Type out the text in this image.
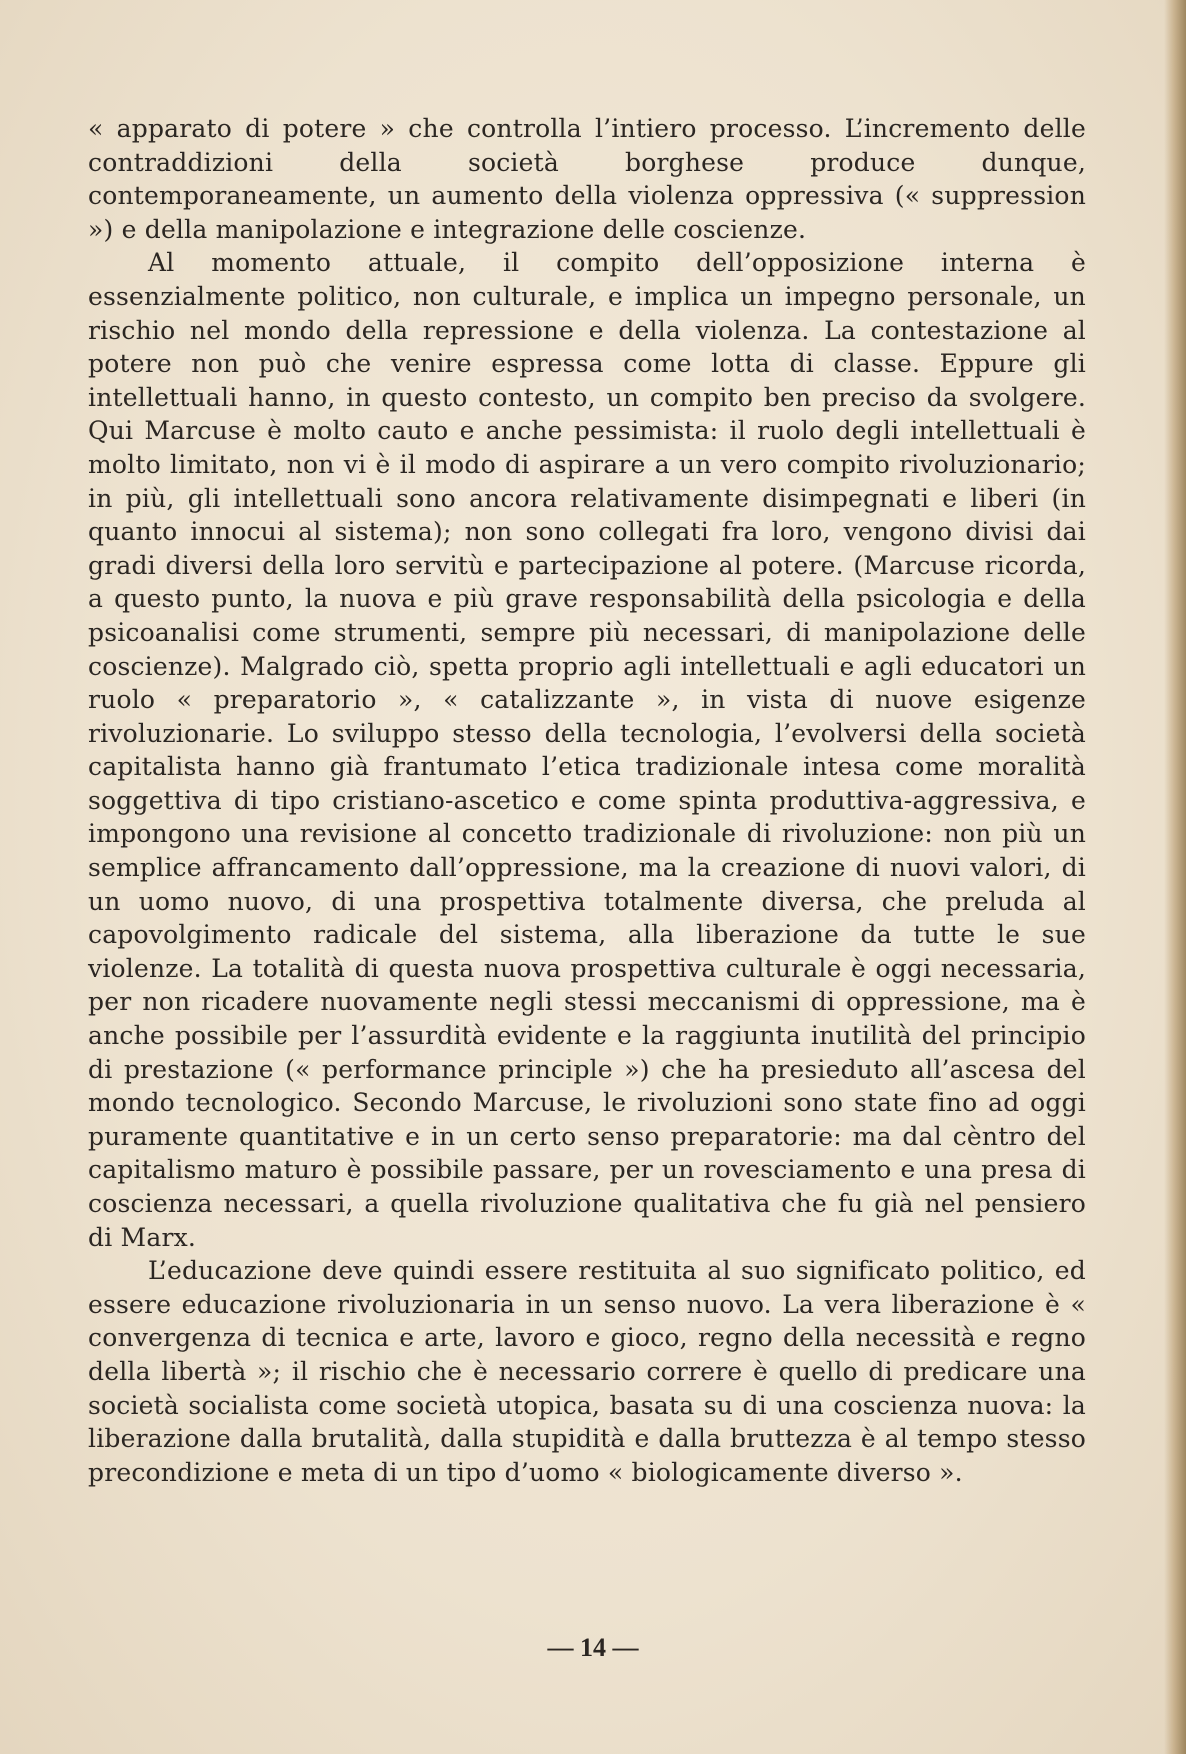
« apparato di potere » che controlla l’intiero processo. L’incremento delle contraddizioni della società borghese produce dunque, contemporaneamente, un aumento della violenza oppressiva (« suppression ») e della manipolazione e integrazione delle coscienze.

Al momento attuale, il compito dell’opposizione interna è essenzialmente politico, non culturale, e implica un impegno personale, un rischio nel mondo della repressione e della violenza. La contestazione al potere non può che venire espressa come lotta di classe. Eppure gli intellettuali hanno, in questo contesto, un compito ben preciso da svolgere. Qui Marcuse è molto cauto e anche pessimista: il ruolo degli intellettuali è molto limitato, non vi è il modo di aspirare a un vero compito rivoluzionario; in più, gli intellettuali sono ancora relativamente disimpegnati e liberi (in quanto innocui al sistema); non sono collegati fra loro, vengono divisi dai gradi diversi della loro servitù e partecipazione al potere. (Marcuse ricorda, a questo punto, la nuova e più grave responsabilità della psicologia e della psicoanalisi come strumenti, sempre più necessari, di manipolazione delle coscienze). Malgrado ciò, spetta proprio agli intellettuali e agli educatori un ruolo « preparatorio », « catalizzante », in vista di nuove esigenze rivoluzionarie. Lo sviluppo stesso della tecnologia, l’evolversi della società capitalista hanno già frantumato l’etica tradizionale intesa come moralità soggettiva di tipo cristiano-ascetico e come spinta produttiva-aggressiva, e impongono una revisione al concetto tradizionale di rivoluzione: non più un semplice affrancamento dall’oppressione, ma la creazione di nuovi valori, di un uomo nuovo, di una prospettiva totalmente diversa, che preluda al capovolgimento radicale del sistema, alla liberazione da tutte le sue violenze. La totalità di questa nuova prospettiva culturale è oggi necessaria, per non ricadere nuovamente negli stessi meccanismi di oppressione, ma è anche possibile per l’assurdità evidente e la raggiunta inutilità del principio di prestazione (« performance principle ») che ha presieduto all’ascesa del mondo tecnologico. Secondo Marcuse, le rivoluzioni sono state fino ad oggi puramente quantitative e in un certo senso preparatorie: ma dal cèntro del capitalismo maturo è possibile passare, per un rovesciamento e una presa di coscienza necessari, a quella rivoluzione qualitativa che fu già nel pensiero di Marx.

L’educazione deve quindi essere restituita al suo significato politico, ed essere educazione rivoluzionaria in un senso nuovo. La vera liberazione è « convergenza di tecnica e arte, lavoro e gioco, regno della necessità e regno della libertà »; il rischio che è necessario correre è quello di predicare una società socialista come società utopica, basata su di una coscienza nuova: la liberazione dalla brutalità, dalla stupidità e dalla bruttezza è al tempo stesso precondizione e meta di un tipo d’uomo « biologicamente diverso ».

— 14 —
